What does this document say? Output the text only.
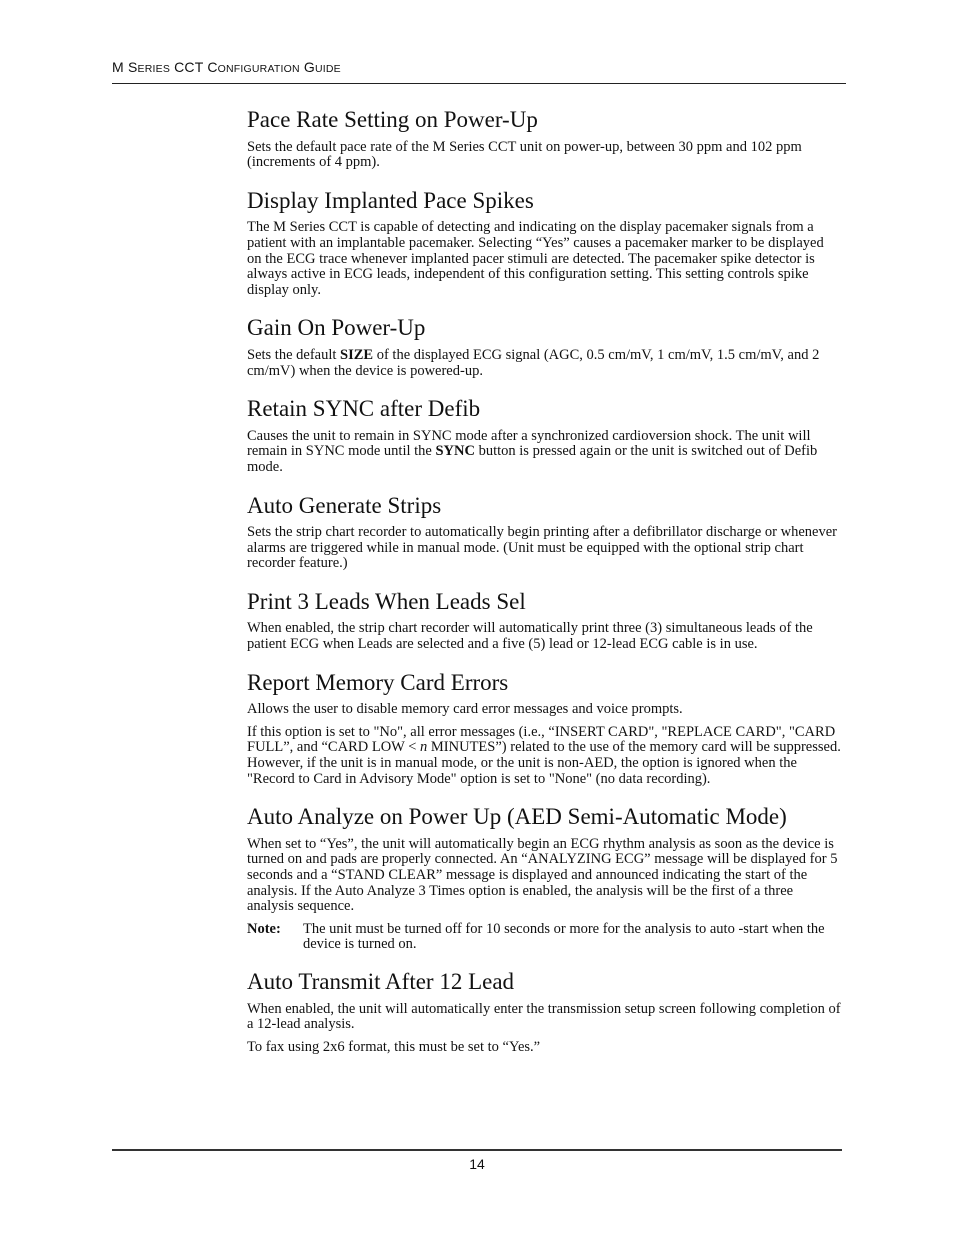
M SERIES CCT CONFIGURATION GUIDE
Pace Rate Setting on Power-Up

Sets the default pace rate of the M Series CCT unit on power-up, between 30 ppm and 102 ppm (increments of 4 ppm).

Display Implanted Pace Spikes

The M Series CCT is capable of detecting and indicating on the display pacemaker signals from a patient with an implantable pacemaker. Selecting “Yes” causes a pacemaker marker to be displayed on the ECG trace whenever implanted pacer stimuli are detected. The pacemaker spike detector is always active in ECG leads, independent of this configuration setting. This setting controls spike display only.

Gain On Power-Up

Sets the default SIZE of the displayed ECG signal (AGC, 0.5 cm/mV, 1 cm/mV, 1.5 cm/mV, and 2 cm/mV) when the device is powered-up.

Retain SYNC after Defib

Causes the unit to remain in SYNC mode after a synchronized cardioversion shock. The unit will remain in SYNC mode until the SYNC button is pressed again or the unit is switched out of Defib mode.

Auto Generate Strips

Sets the strip chart recorder to automatically begin printing after a defibrillator discharge or whenever alarms are triggered while in manual mode. (Unit must be equipped with the optional strip chart recorder feature.)

Print 3 Leads When Leads Sel

When enabled, the strip chart recorder will automatically print three (3) simultaneous leads of the patient ECG when Leads are selected and a five (5) lead or 12-lead ECG cable is in use.

Report Memory Card Errors

Allows the user to disable memory card error messages and voice prompts.

If this option is set to "No", all error messages (i.e., “INSERT CARD", "REPLACE CARD", "CARD FULL”, and “CARD LOW < n MINUTES”) related to the use of the memory card will be suppressed. However, if the unit is in manual mode, or the unit is non-AED, the option is ignored when the "Record to Card in Advisory Mode" option is set to "None" (no data recording).

Auto Analyze on Power Up (AED Semi-Automatic Mode)

When set to “Yes”, the unit will automatically begin an ECG rhythm analysis as soon as the device is turned on and pads are properly connected. An “ANALYZING ECG” message will be displayed for 5 seconds and a “STAND CLEAR” message is displayed and announced indicating the start of the analysis. If the Auto Analyze 3 Times option is enabled, the analysis will be the first of a three analysis sequence.

Note:	The unit must be turned off for 10 seconds or more for the analysis to auto -start when the device is turned on.
Auto Transmit After 12 Lead

When enabled, the unit will automatically enter the transmission setup screen following completion of a 12-lead analysis.

To fax using 2x6 format, this must be set to “Yes.”

14
